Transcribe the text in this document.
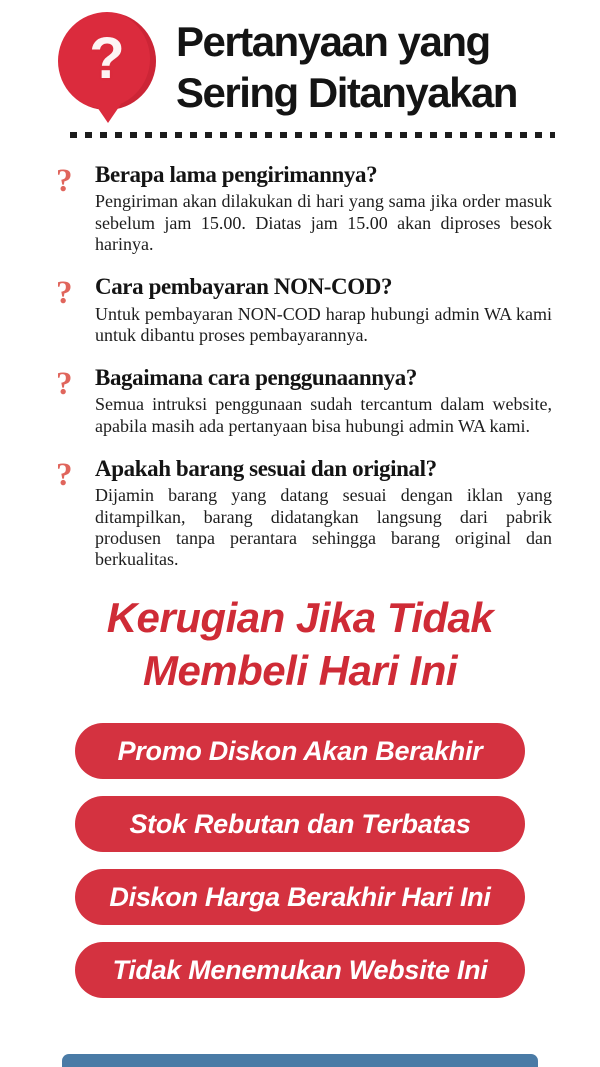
? Pertanyaan yang
Sering Ditanyakan
? Berapa lama pengirimannya?

Pengiriman akan dilakukan di hari yang sama jika order masuk sebelum jam 15.00. Diatas jam 15.00 akan diproses besok harinya.

? Cara pembayaran NON-COD?

Untuk pembayaran NON-COD harap hubungi admin WA kami untuk dibantu proses pembayarannya.

? Bagaimana cara penggunaannya?

Semua intruksi penggunaan sudah tercantum dalam website, apabila masih ada pertanyaan bisa hubungi admin WA kami.

? Apakah barang sesuai dan original?

Dijamin barang yang datang sesuai dengan iklan yang ditampilkan, barang didatangkan langsung dari pabrik produsen tanpa perantara sehingga barang original dan berkualitas.

Kerugian Jika Tidak
Membeli Hari Ini
Promo Diskon Akan Berakhir
Stok Rebutan dan Terbatas
Diskon Harga Berakhir Hari Ini
Tidak Menemukan Website Ini
